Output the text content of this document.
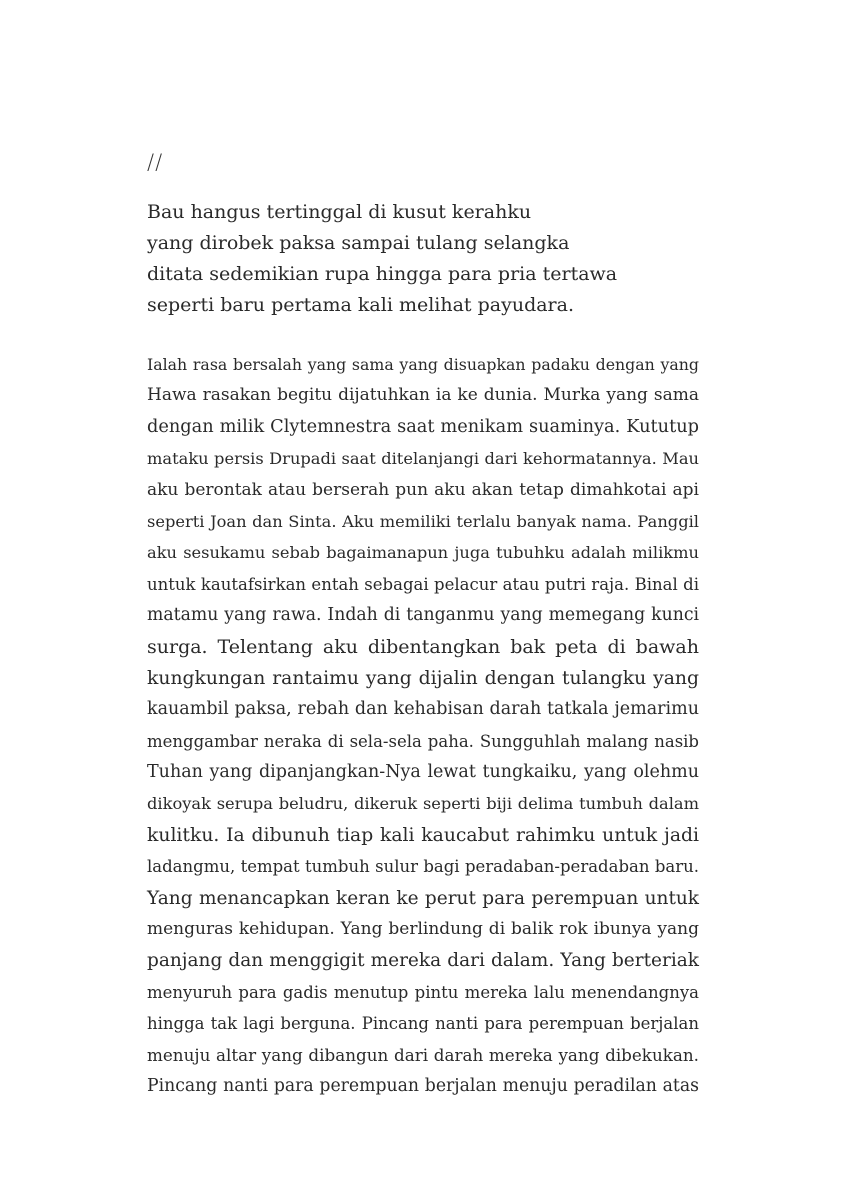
//
Bau hangus tertinggal di kusut kerahku
yang dirobek paksa sampai tulang selangka
ditata sedemikian rupa hingga para pria tertawa
seperti baru pertama kali melihat payudara.
Ialah rasa bersalah yang sama yang disuapkan padaku dengan yang
Hawa rasakan begitu dijatuhkan ia ke dunia. Murka yang sama
dengan milik Clytemnestra saat menikam suaminya. Kututup
mataku persis Drupadi saat ditelanjangi dari kehormatannya. Mau
aku berontak atau berserah pun aku akan tetap dimahkotai api
seperti Joan dan Sinta. Aku memiliki terlalu banyak nama. Panggil
aku sesukamu sebab bagaimanapun juga tubuhku adalah milikmu
untuk kautafsirkan entah sebagai pelacur atau putri raja. Binal di
matamu yang rawa. Indah di tanganmu yang memegang kunci
surga. Telentang aku dibentangkan bak peta di bawah
kungkungan rantaimu yang dijalin dengan tulangku yang
kauambil paksa, rebah dan kehabisan darah tatkala jemarimu
menggambar neraka di sela-sela paha. Sungguhlah malang nasib
Tuhan yang dipanjangkan-Nya lewat tungkaiku, yang olehmu
dikoyak serupa beludru, dikeruk seperti biji delima tumbuh dalam
kulitku. Ia dibunuh tiap kali kaucabut rahimku untuk jadi
ladangmu, tempat tumbuh sulur bagi peradaban-peradaban baru.
Yang menancapkan keran ke perut para perempuan untuk
menguras kehidupan. Yang berlindung di balik rok ibunya yang
panjang dan menggigit mereka dari dalam. Yang berteriak
menyuruh para gadis menutup pintu mereka lalu menendangnya
hingga tak lagi berguna. Pincang nanti para perempuan berjalan
menuju altar yang dibangun dari darah mereka yang dibekukan.
Pincang nanti para perempuan berjalan menuju peradilan atas
